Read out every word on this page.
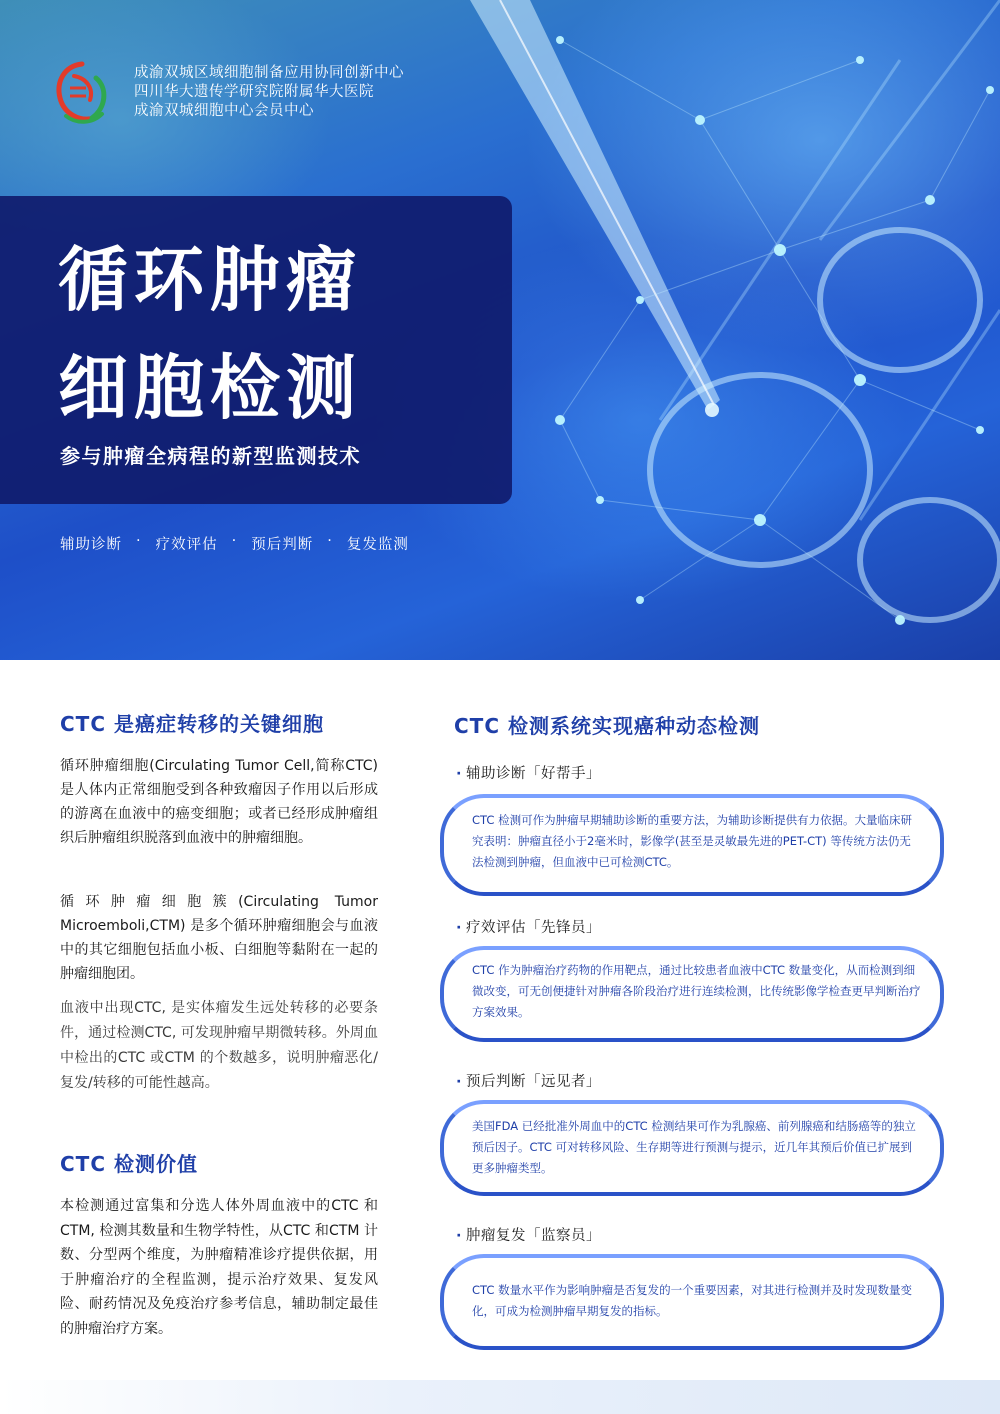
成渝双城区域细胞制备应用协同创新中心
四川华大遗传学研究院附属华大医院
成渝双城细胞中心会员中心
循环肿瘤
细胞检测
参与肿瘤全病程的新型监测技术
辅助诊断 · 疗效评估 · 预后判断 · 复发监测
CTC 是癌症转移的关键细胞
循环肿瘤细胞(Circulating Tumor Cell,简称CTC) 是人体内正常细胞受到各种致瘤因子作用以后形成的游离在血液中的癌变细胞；或者已经形成肿瘤组织后肿瘤组织脱落到血液中的肿瘤细胞。
循环肿瘤细胞簇(Circulating Tumor Microemboli,CTM) 是多个循环肿瘤细胞会与血液中的其它细胞包括血小板、白细胞等黏附在一起的肿瘤细胞团。
血液中出现CTC, 是实体瘤发生远处转移的必要条件，通过检测CTC, 可发现肿瘤早期微转移。外周血中检出的CTC 或CTM 的个数越多，说明肿瘤恶化/复发/转移的可能性越高。
CTC 检测价值
本检测通过富集和分选人体外周血液中的CTC 和CTM, 检测其数量和生物学特性，从CTC 和CTM 计数、分型两个维度，为肿瘤精准诊疗提供依据，用于肿瘤治疗的全程监测，提示治疗效果、复发风险、耐药情况及免疫治疗参考信息，辅助制定最佳的肿瘤治疗方案。
CTC 检测系统实现癌种动态检测
· 辅助诊断「好帮手」
CTC 检测可作为肿瘤早期辅助诊断的重要方法，为辅助诊断提供有力依据。大量临床研究表明：肿瘤直径小于2毫米时，影像学(甚至是灵敏最先进的PET-CT) 等传统方法仍无法检测到肿瘤，但血液中已可检测CTC。
· 疗效评估「先锋员」
CTC 作为肿瘤治疗药物的作用靶点，通过比较患者血液中CTC 数量变化，从而检测到细微改变，可无创便捷针对肿瘤各阶段治疗进行连续检测，比传统影像学检查更早判断治疗方案效果。
· 预后判断「远见者」
美国FDA 已经批准外周血中的CTC 检测结果可作为乳腺癌、前列腺癌和结肠癌等的独立预后因子。CTC 可对转移风险、生存期等进行预测与提示，近几年其预后价值已扩展到更多肿瘤类型。
· 肿瘤复发「监察员」
CTC 数量水平作为影响肿瘤是否复发的一个重要因素，对其进行检测并及时发现数量变化，可成为检测肿瘤早期复发的指标。
